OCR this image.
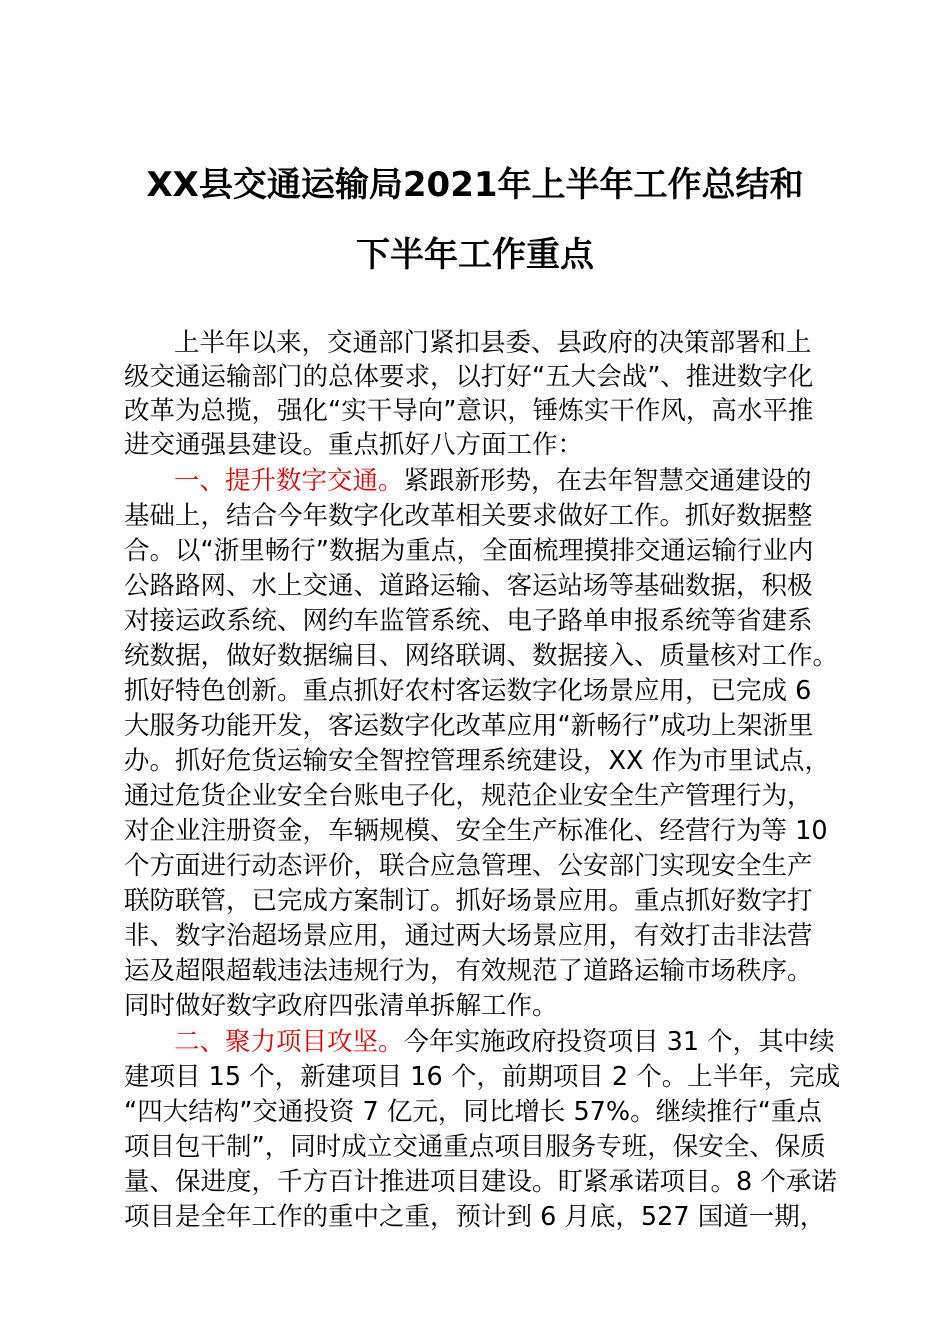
XX县交通运输局2021年上半年工作总结和
下半年工作重点
上半年以来，交通部门紧扣县委、县政府的决策部署和上
级交通运输部门的总体要求，以打好“五大会战”、推进数字化
改革为总揽，强化“实干导向”意识，锤炼实干作风，高水平推
进交通强县建设。重点抓好八方面工作：
一、提升数字交通。紧跟新形势，在去年智慧交通建设的
基础上，结合今年数字化改革相关要求做好工作。抓好数据整
合。以“浙里畅行”数据为重点，全面梳理摸排交通运输行业内
公路路网、水上交通、道路运输、客运站场等基础数据，积极
对接运政系统、网约车监管系统、电子路单申报系统等省建系
统数据，做好数据编目、网络联调、数据接入、质量核对工作。
抓好特色创新。重点抓好农村客运数字化场景应用，已完成 6
大服务功能开发，客运数字化改革应用“新畅行”成功上架浙里
办。抓好危货运输安全智控管理系统建设，XX 作为市里试点，
通过危货企业安全台账电子化，规范企业安全生产管理行为，
对企业注册资金，车辆规模、安全生产标准化、经营行为等 10
个方面进行动态评价，联合应急管理、公安部门实现安全生产
联防联管，已完成方案制订。抓好场景应用。重点抓好数字打
非、数字治超场景应用，通过两大场景应用，有效打击非法营
运及超限超载违法违规行为，有效规范了道路运输市场秩序。
同时做好数字政府四张清单拆解工作。
二、聚力项目攻坚。今年实施政府投资项目 31 个，其中续
建项目 15 个，新建项目 16 个，前期项目 2 个。上半年，完成
“四大结构”交通投资 7 亿元，同比增长 57%。继续推行“重点
项目包干制”，同时成立交通重点项目服务专班，保安全、保质
量、保进度，千方百计推进项目建设。盯紧承诺项目。8 个承诺
项目是全年工作的重中之重，预计到 6 月底，527 国道一期，
